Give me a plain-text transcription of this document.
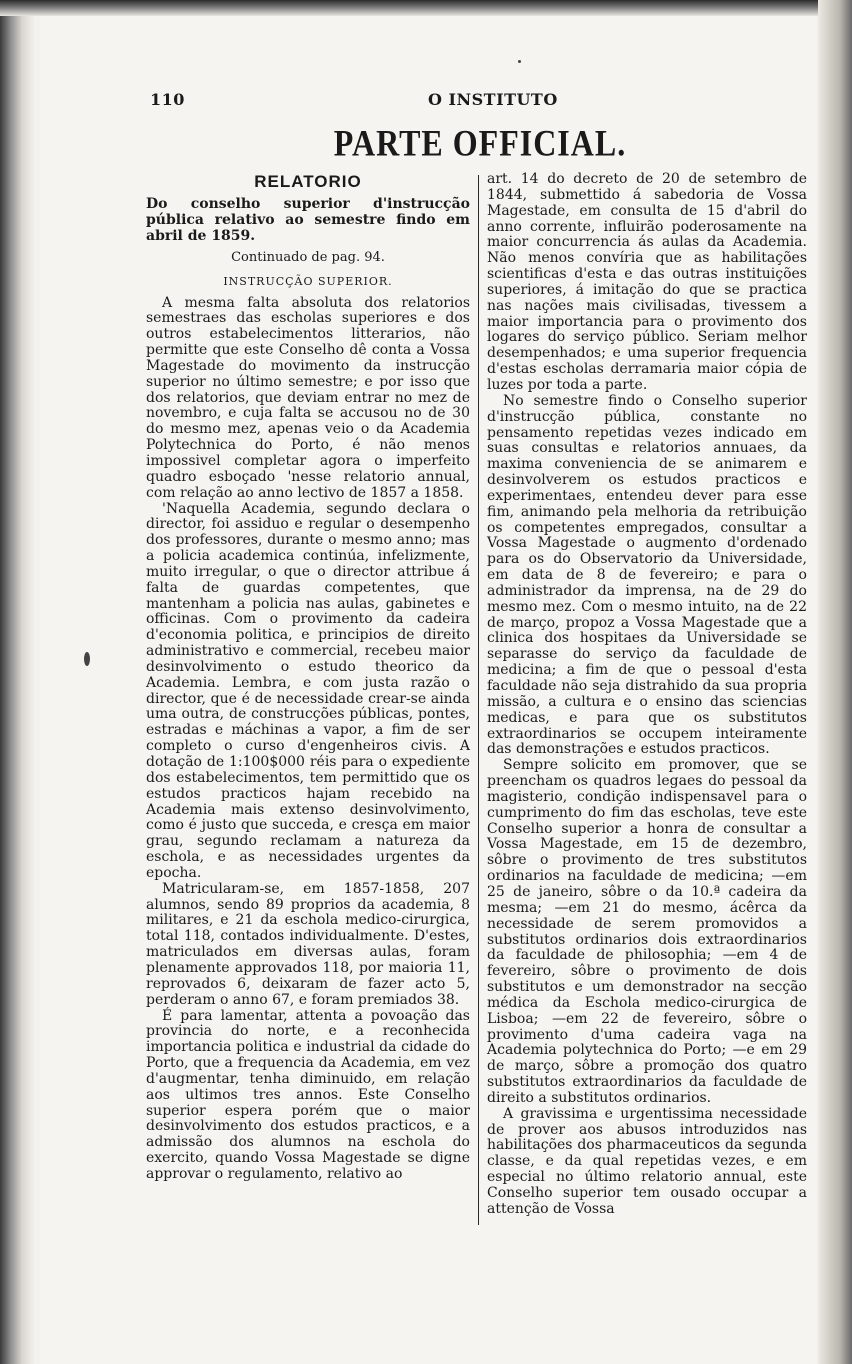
110	O INSTITUTO
PARTE OFFICIAL.
RELATORIO
Do conselho superior d'instrucção pública relativo ao semestre findo em abril de 1859.
Continuado de pag. 94.
INSTRUCÇÃO SUPERIOR.

A mesma falta absoluta dos relatorios semestraes das escholas superiores e dos outros estabelecimentos litterarios, não permitte que este Conselho dê conta a Vossa Magestade do movimento da instrucção superior no último semestre; e por isso que dos relatorios, que deviam entrar no mez de novembro, e cuja falta se accusou no de 30 do mesmo mez, apenas veio o da Academia Polytechnica do Porto, é não menos impossivel completar agora o imperfeito quadro esboçado 'nesse relatorio annual, com relação ao anno lectivo de 1857 a 1858.

'Naquella Academia, segundo declara o director, foi assiduo e regular o desempenho dos professores, durante o mesmo anno; mas a policia academica continúa, infelizmente, muito irregular, o que o director attribue á falta de guardas competentes, que mantenham a policia nas aulas, gabinetes e officinas. Com o provimento da cadeira d'economia politica, e principios de direito administrativo e commercial, recebeu maior desinvolvimento o estudo theorico da Academia. Lembra, e com justa razão o director, que é de necessidade crear-se ainda uma outra, de construcções públicas, pontes, estradas e máchinas a vapor, a fim de ser completo o curso d'engenheiros civis. A dotação de 1:100$000 réis para o expediente dos estabelecimentos, tem permittido que os estudos practicos hajam recebido na Academia mais extenso desinvolvimento, como é justo que succeda, e cresça em maior grau, segundo reclamam a natureza da eschola, e as necessidades urgentes da epocha.

Matricularam-se, em 1857-1858, 207 alumnos, sendo 89 proprios da academia, 8 militares, e 21 da eschola medico-cirurgica, total 118, contados individualmente. D'estes, matriculados em diversas aulas, foram plenamente approvados 118, por maioria 11, reprovados 6, deixaram de fazer acto 5, perderam o anno 67, e foram premiados 38.

É para lamentar, attenta a povoação das provincia do norte, e a reconhecida importancia politica e industrial da cidade do Porto, que a frequencia da Academia, em vez d'augmentar, tenha diminuido, em relação aos ultimos tres annos. Este Conselho superior espera porém que o maior desinvolvimento dos estudos practicos, e a admissão dos alumnos na eschola do exercito, quando Vossa Magestade se digne approvar o regulamento, relativo ao

art. 14 do decreto de 20 de setembro de 1844, submettido á sabedoria de Vossa Magestade, em consulta de 15 d'abril do anno corrente, influirão poderosamente na maior concurrencia ás aulas da Academia. Não menos convíria que as habilitações scientificas d'esta e das outras instituições superiores, á imitação do que se practica nas nações mais civilisadas, tivessem a maior importancia para o provimento dos logares do serviço público. Seriam melhor desempenhados; e uma superior frequencia d'estas escholas derramaria maior cópia de luzes por toda a parte.

No semestre findo o Conselho superior d'instrucção pública, constante no pensamento repetidas vezes indicado em suas consultas e relatorios annuaes, da maxima conveniencia de se animarem e desinvolverem os estudos practicos e experimentaes, entendeu dever para esse fim, animando pela melhoria da retribuição os competentes empregados, consultar a Vossa Magestade o augmento d'ordenado para os do Observatorio da Universidade, em data de 8 de fevereiro; e para o administrador da imprensa, na de 29 do mesmo mez. Com o mesmo intuito, na de 22 de março, propoz a Vossa Magestade que a clinica dos hospitaes da Universidade se separasse do serviço da faculdade de medicina; a fim de que o pessoal d'esta faculdade não seja distrahido da sua propria missão, a cultura e o ensino das sciencias medicas, e para que os substitutos extraordinarios se occupem inteiramente das demonstrações e estudos practicos.

Sempre solicito em promover, que se preencham os quadros legaes do pessoal da magisterio, condição indispensavel para o cumprimento do fim das escholas, teve este Conselho superior a honra de consultar a Vossa Magestade, em 15 de dezembro, sôbre o provimento de tres substitutos ordinarios na faculdade de medicina; —em 25 de janeiro, sôbre o da 10.ª cadeira da mesma; —em 21 do mesmo, ácêrca da necessidade de serem promovidos a substitutos ordinarios dois extraordinarios da faculdade de philosophia; —em 4 de fevereiro, sôbre o provimento de dois substitutos e um demonstrador na secção médica da Eschola medico-cirurgica de Lisboa; —em 22 de fevereiro, sôbre o provimento d'uma cadeira vaga na Academia polytechnica do Porto; —e em 29 de março, sôbre a promoção dos quatro substitutos extraordinarios da faculdade de direito a substitutos ordinarios.

A gravissima e urgentissima necessidade de prover aos abusos introduzidos nas habilitações dos pharmaceuticos da segunda classe, e da qual repetidas vezes, e em especial no último relatorio annual, este Conselho superior tem ousado occupar a attenção de Vossa
